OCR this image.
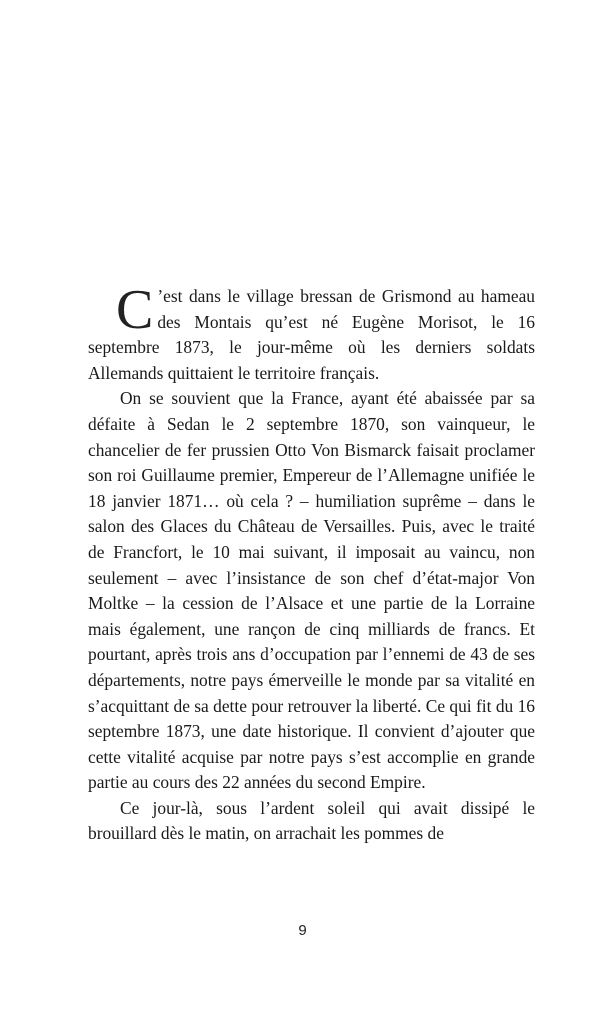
C ’est dans le village bressan de Grismond au hameau des Montais qu’est né Eugène Morisot, le 16 septembre 1873, le jour-même où les derniers soldats Allemands quittaient le territoire français.

On se souvient que la France, ayant été abaissée par sa défaite à Sedan le 2 septembre 1870, son vainqueur, le chancelier de fer prussien Otto Von Bismarck faisait proclamer son roi Guillaume premier, Empereur de l’Allemagne unifiée le 18 janvier 1871… où cela ? – humiliation suprême – dans le salon des Glaces du Château de Versailles. Puis, avec le traité de Francfort, le 10 mai suivant, il imposait au vaincu, non seulement – avec l’insistance de son chef d’état-major Von Moltke – la cession de l’Alsace et une partie de la Lorraine mais également, une rançon de cinq milliards de francs. Et pourtant, après trois ans d’occupation par l’ennemi de 43 de ses départements, notre pays émerveille le monde par sa vitalité en s’acquittant de sa dette pour retrouver la liberté. Ce qui fit du 16 septembre 1873, une date historique. Il convient d’ajouter que cette vitalité acquise par notre pays s’est accomplie en grande partie au cours des 22 années du second Empire.

Ce jour-là, sous l’ardent soleil qui avait dissipé le brouillard dès le matin, on arrachait les pommes de

9
